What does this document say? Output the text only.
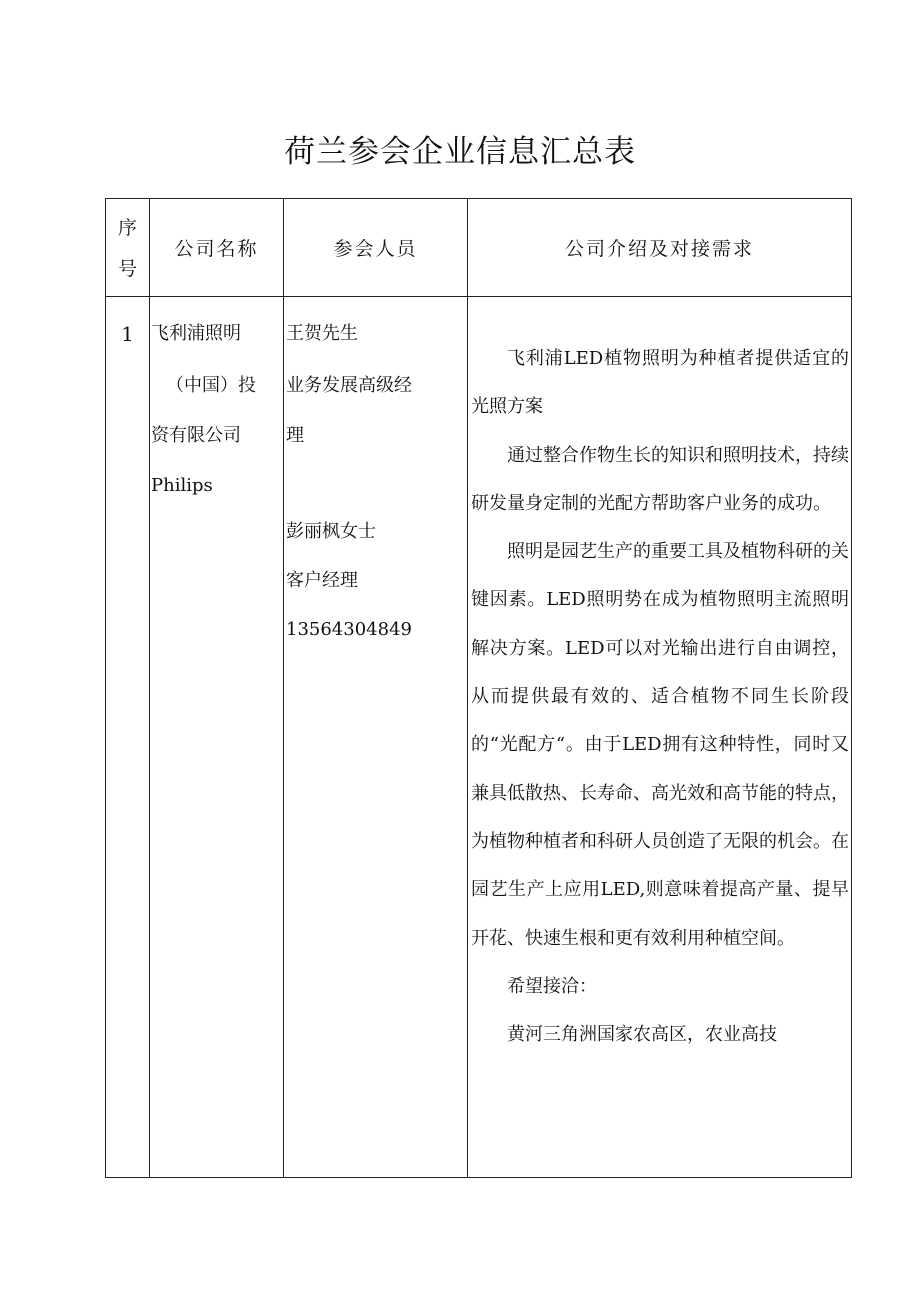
荷兰参会企业信息汇总表
序
号
公司名称	参会人员	公司介绍及对接需求
1 飞利浦照明
（中国）投
资有限公司
Philips
王贺先生
业务发展高级经
理
彭丽枫女士
客户经理
13564304849

飞利浦LED植物照明为种植者提供适宜的光照方案

通过整合作物生长的知识和照明技术，持续研发量身定制的光配方帮助客户业务的成功。

照明是园艺生产的重要工具及植物科研的关键因素。LED照明势在成为植物照明主流照明解决方案。LED可以对光输出进行自由调控，从而提供最有效的、适合植物不同生长阶段的“光配方“。由于LED拥有这种特性，同时又兼具低散热、长寿命、高光效和高节能的特点，为植物种植者和科研人员创造了无限的机会。在园艺生产上应用LED,则意味着提高产量、提早开花、快速生根和更有效利用种植空间。

希望接洽：

黄河三角洲国家农高区，农业高技
